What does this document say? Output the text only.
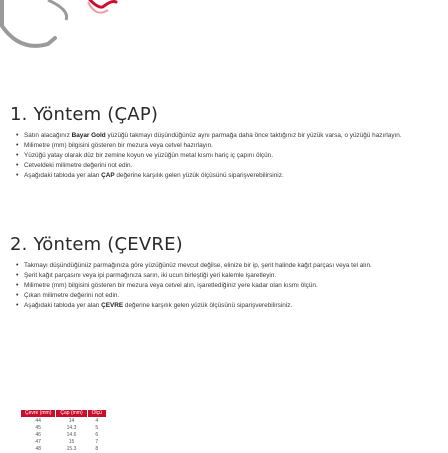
1. Yöntem (ÇAP)
• Satın alacağınız Bayar Gold yüzüğü takmayı düşündüğünüz aynı parmağa daha önce taktığınız bir yüzük varsa, o yüzüğü hazırlayın.
• Milimetre (mm) bilgisini gösteren bir mezura veya cetvel hazırlayın.
• Yüzüğü yatay olarak düz bir zemine koyun ve yüzüğün metal kısmı hariç iç çapını ölçün.
• Cetveldeki milimetre değerini not edin.
• Aşağıdaki tabloda yer alan ÇAP değerine karşılık gelen yüzük ölçüsünü siparişverebilirsiniz.
2. Yöntem (ÇEVRE)
• Takmayı düşündüğünüz parmağınıza göre yüzüğünüz mevcut değilse, elinize bir ip, şerit halinde kağıt parçası veya tel alın.
• Şerit kağıt parçasını veya ipi parmağınıza sarın, iki ucun birleştiği yeri kalemle işaretleyin.
• Milimetre (mm) bilgisini gösteren bir mezura veya cetvel alın, işaretlediğiniz yere kadar olan kısmı ölçün.
• Çıkan milimetre değerini not edin.
• Aşağıdaki tabloda yer alan ÇEVRE değerine karşılık gelen yüzük ölçüsünü siparişverebilirsiniz.
Çevre (mm)	Çap (mm)	Ölçü
44	14	4
45	14.3	5
46	14.6	6
47	15	7
48	15.3	8
